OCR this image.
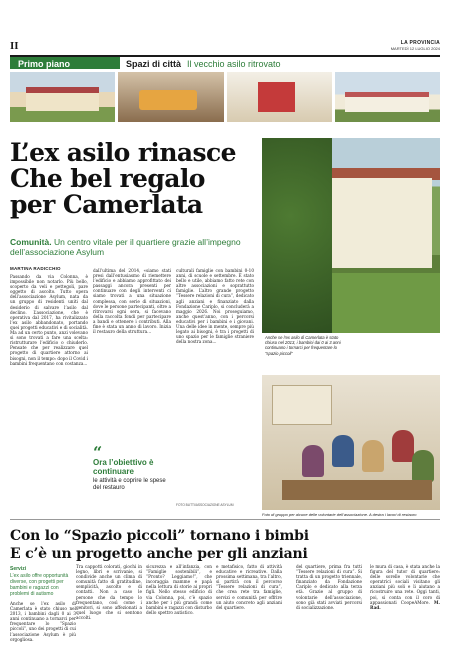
II	LA PROVINCIA
MARTEDÌ 12 LUGLIO 2024
Primo piano	Spazi di città Il vecchio asilo ritrovato
L’ex asilo rinasce
Che bel regalo
per Camerlata
Comunità. Un centro vitale per il quartiere grazie all’impegno dell’associazione Asylum
MARTINA RADICCHIO
Passando da via Colonna, è impossibile non notarlo. Più bello, scoperto da veli e pettegoli, pare oggetto di ascolto. Tutto opera dell’associazione Asylum, nata da un gruppo di residenti uniti dal desiderio di salvare l’asilo dal declino. L’associazione, che è operativa dal 2017, ha rivitalizzato l’ex asilo abbandonato, portando quei progetti educativi e di socialità. Ma ad un certo punto, anzi volevano si sono trovati a fare una scelta: ristrutturare l’edificio o chiuderlo. Pensate che per realizzare quel progetto di quartiere attorno ai bisogni, non il tempo: dopo il Covid i bambini frequentano con costanza...
dall’ultima del 2014, «siamo stati presi dall’entusiasmo di riemettere l’edificio e abbiamo approfittato dei passaggi ancora presenti per continuare con degli interventi ci siamo trovati a una situazione complessa, con serie di situazioni, dove le persone partecipanti, oltre a ritrovarsi ogni sera, si facevano della raccolta fondi per partecipare a bandi e ottenere i contributi. Alla fine è stata un anno di lavoro. Inizia il restauro della struttura...
culturali famiglie con bambini 0-10 anni, di scuole e settembre. È stato bello e utile, abbiamo fatto rete con altre associazioni e soprattutto famiglie. L’altro grande progetto “Tessere relazioni di cura”, dedicato agli anziani e finanziato dalla Fondazione Cariplo, si concluderà a maggio 2026. Noi proseguiamo, anche quest’anno, con i percorsi educativi per i bambini e i giovani. Una delle idee in mente, sempre più legato ai bisogni, è tra i progetti di uno spazio per le famiglie straniere della nostra zona...
“
Ora l’obiettivo è continuare
le attività e coprire le spese del restauro
Anche se l’ex asilo di Camerlata è stato chiuso nel 2013, i bambini dai 0 ai 3 anni continuano i tornarci per frequentare lo “spazio piccoli”
FOTO BUTTI/ASSOCIAZIONE ASYLUM
Foto di gruppo per alcune delle volontarie dell’associazione. A destra i lavori di restauro
Con lo “Spazio piccoli” tornano i bimbi
E c’è un progetto anche per gli anziani
Servizi
L’ex asilo offre opportunità diverse, con progetti per bambini e ragazzi con problemi di autismo
Anche se l’ex asilo di Camerlata è stato chiuso nel 2013, i bambini dagli 0 ai 3 anni continuano a tornarci per frequentare lo “Spazio piccoli”, uno dei progetti di cui l’associazione Asylum è più orgogliosa.
Tra cappotti colorati, giochi in legno, libri e scrivanie, si condivide anche un clima di comunità fatto di gratitudine, semplicità, ascolto e di contatti. Non a caso le persone che da tempo lo frequentano, così come i genitori, si sono affezionati a quel luogo che si sentono accolti.
sicurezza e all’infanzia, con “Famiglie sostenibili”, e “Pronto? Leggiamo!”, che incoraggia mamme e papà nella lettura di storie ai propri figli. Nello stesso edificio di via Colonna, poi, c’è spazio anche per i più grandi: come bambini e ragazzi con disturbo dello spettro autistico.
e metafisico, fatto di attività educative e ricreative. Dalla prossima settimana, tra l’altro, si partirà con il percorso “Tessere relazioni di cura”, che crea rete tra famiglie, servizi e comunità per offrire un aiuto concreto agli anziani del quartiere.
del quartiere, prima fra tutti “Tessere relazioni di cura”. Si tratta di un progetto triennale, finanziato da Fondazione Cariplo e dedicato alla terza età. Grazie al gruppo di volontarie dell’associazione, sono già stati avviati percorsi di socializzazione.
le mura di casa, è stata anche la figura del tutor di quartiere: delle sorelle volontarie che operatrici sociali visitano gli anziani più soli e li aiutano a ricostruire una rete. Oggi tanti, poi, si conta con il coro di appassionati CoopeAMore. M. Rad.
